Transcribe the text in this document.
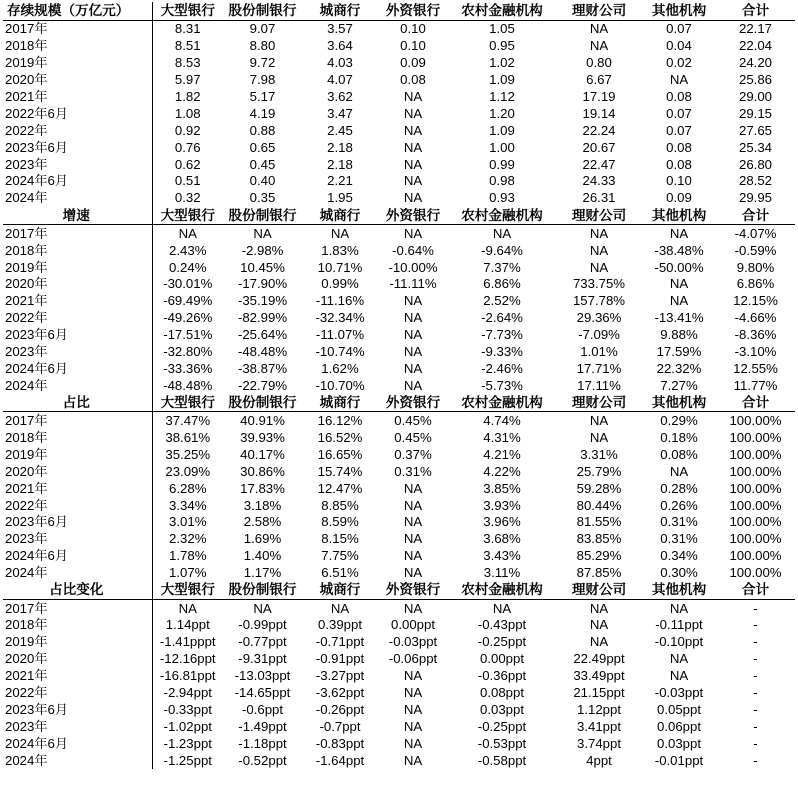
存续规模（万亿元）	大型银行	股份制银行	城商行	外资银行	农村金融机构	理财公司	其他机构	合计
2017年	8.31	9.07	3.57	0.10	1.05	NA	0.07	22.17
2018年	8.51	8.80	3.64	0.10	0.95	NA	0.04	22.04
2019年	8.53	9.72	4.03	0.09	1.02	0.80	0.02	24.20
2020年	5.97	7.98	4.07	0.08	1.09	6.67	NA	25.86
2021年	1.82	5.17	3.62	NA	1.12	17.19	0.08	29.00
2022年6月	1.08	4.19	3.47	NA	1.20	19.14	0.07	29.15
2022年	0.92	0.88	2.45	NA	1.09	22.24	0.07	27.65
2023年6月	0.76	0.65	2.18	NA	1.00	20.67	0.08	25.34
2023年	0.62	0.45	2.18	NA	0.99	22.47	0.08	26.80
2024年6月	0.51	0.40	2.21	NA	0.98	24.33	0.10	28.52
2024年	0.32	0.35	1.95	NA	0.93	26.31	0.09	29.95
增速	大型银行	股份制银行	城商行	外资银行	农村金融机构	理财公司	其他机构	合计
2017年	NA	NA	NA	NA	NA	NA	NA	-4.07%
2018年	2.43%	-2.98%	1.83%	-0.64%	-9.64%	NA	-38.48%	-0.59%
2019年	0.24%	10.45%	10.71%	-10.00%	7.37%	NA	-50.00%	9.80%
2020年	-30.01%	-17.90%	0.99%	-11.11%	6.86%	733.75%	NA	6.86%
2021年	-69.49%	-35.19%	-11.16%	NA	2.52%	157.78%	NA	12.15%
2022年	-49.26%	-82.99%	-32.34%	NA	-2.64%	29.36%	-13.41%	-4.66%
2023年6月	-17.51%	-25.64%	-11.07%	NA	-7.73%	-7.09%	9.88%	-8.36%
2023年	-32.80%	-48.48%	-10.74%	NA	-9.33%	1.01%	17.59%	-3.10%
2024年6月	-33.36%	-38.87%	1.62%	NA	-2.46%	17.71%	22.32%	12.55%
2024年	-48.48%	-22.79%	-10.70%	NA	-5.73%	17.11%	7.27%	11.77%
占比	大型银行	股份制银行	城商行	外资银行	农村金融机构	理财公司	其他机构	合计
2017年	37.47%	40.91%	16.12%	0.45%	4.74%	NA	0.29%	100.00%
2018年	38.61%	39.93%	16.52%	0.45%	4.31%	NA	0.18%	100.00%
2019年	35.25%	40.17%	16.65%	0.37%	4.21%	3.31%	0.08%	100.00%
2020年	23.09%	30.86%	15.74%	0.31%	4.22%	25.79%	NA	100.00%
2021年	6.28%	17.83%	12.47%	NA	3.85%	59.28%	0.28%	100.00%
2022年	3.34%	3.18%	8.85%	NA	3.93%	80.44%	0.26%	100.00%
2023年6月	3.01%	2.58%	8.59%	NA	3.96%	81.55%	0.31%	100.00%
2023年	2.32%	1.69%	8.15%	NA	3.68%	83.85%	0.31%	100.00%
2024年6月	1.78%	1.40%	7.75%	NA	3.43%	85.29%	0.34%	100.00%
2024年	1.07%	1.17%	6.51%	NA	3.11%	87.85%	0.30%	100.00%
占比变化	大型银行	股份制银行	城商行	外资银行	农村金融机构	理财公司	其他机构	合计
2017年	NA	NA	NA	NA	NA	NA	NA	-
2018年	1.14ppt	-0.99ppt	0.39ppt	0.00ppt	-0.43ppt	NA	-0.11ppt	-
2019年	-1.41pppt	-0.77ppt	-0.71ppt	-0.03ppt	-0.25ppt	NA	-0.10ppt	-
2020年	-12.16ppt	-9.31ppt	-0.91ppt	-0.06ppt	0.00ppt	22.49ppt	NA	-
2021年	-16.81ppt	-13.03ppt	-3.27ppt	NA	-0.36ppt	33.49ppt	NA	-
2022年	-2.94ppt	-14.65ppt	-3.62ppt	NA	0.08ppt	21.15ppt	-0.03ppt	-
2023年6月	-0.33ppt	-0.6ppt	-0.26ppt	NA	0.03ppt	1.12ppt	0.05ppt	-
2023年	-1.02ppt	-1.49ppt	-0.7ppt	NA	-0.25ppt	3.41ppt	0.06ppt	-
2024年6月	-1.23ppt	-1.18ppt	-0.83ppt	NA	-0.53ppt	3.74ppt	0.03ppt	-
2024年	-1.25ppt	-0.52ppt	-1.64ppt	NA	-0.58ppt	4ppt	-0.01ppt	-
